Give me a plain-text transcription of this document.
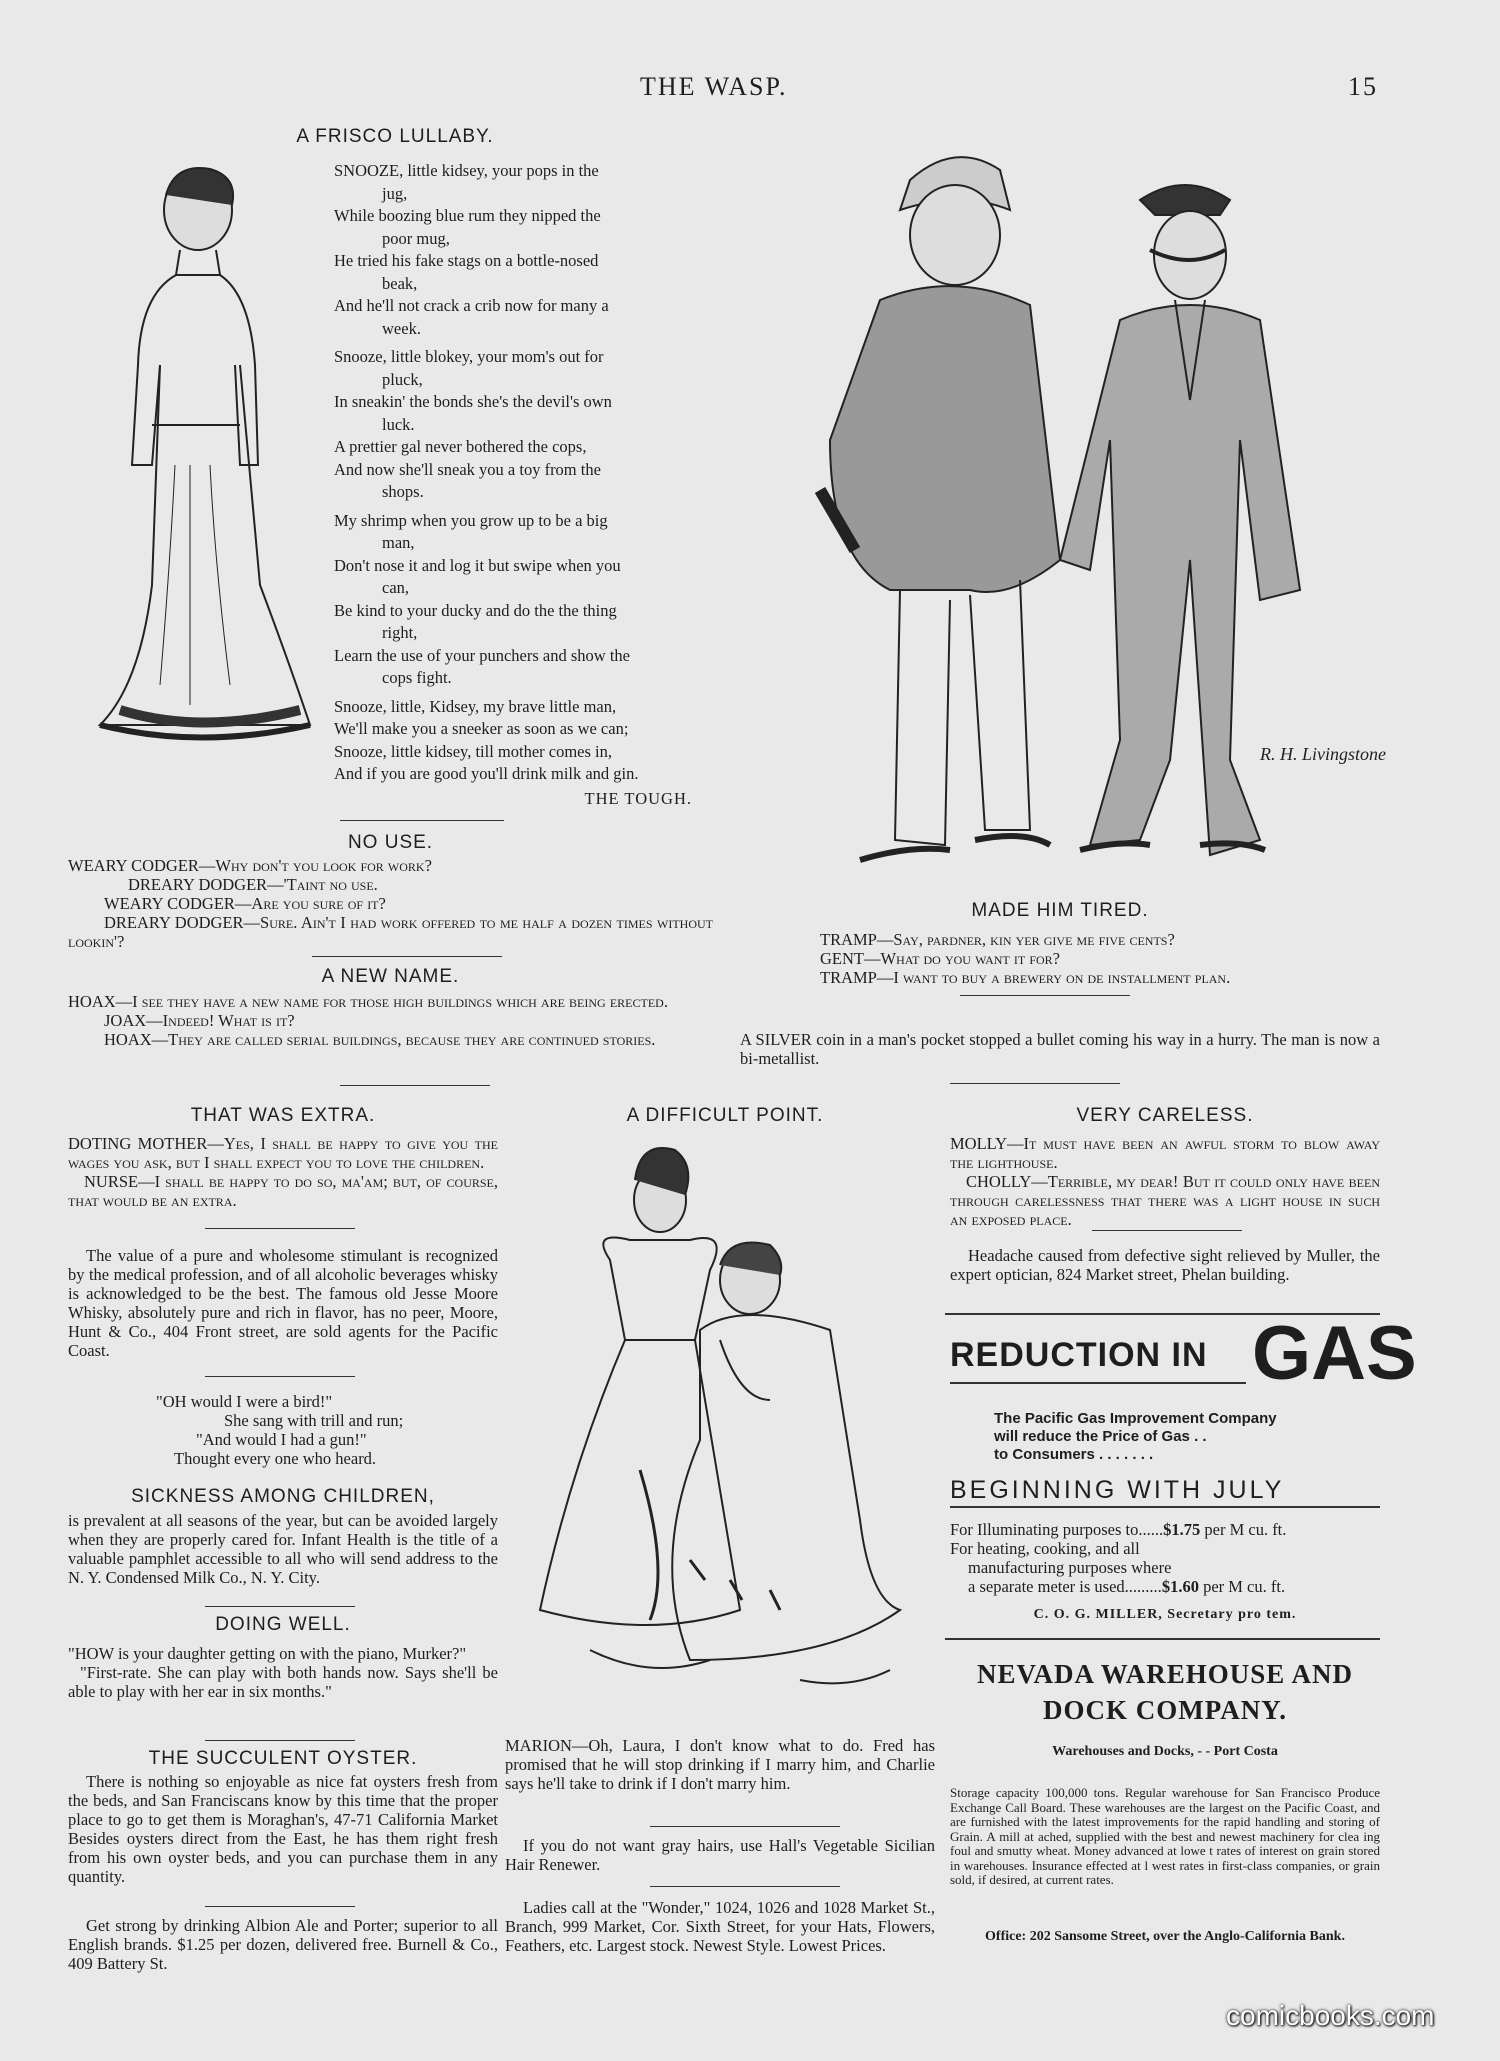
THE WASP.	15
A FRISCO LULLABY.
SNOOZE, little kidsey, your pops in the

jug,
While boozing blue rum they nipped the

poor mug,
He tried his fake stags on a bottle-nosed

beak,
And he'll not crack a crib now for many a

week.
Snooze, little blokey, your mom's out for

pluck,
In sneakin' the bonds she's the devil's own

luck.
A prettier gal never bothered the cops,
And now she'll sneak you a toy from the

shops.
My shrimp when you grow up to be a big

man,
Don't nose it and log it but swipe when you

can,
Be kind to your ducky and do the the thing

right,
Learn the use of your punchers and show the

cops fight.
Snooze, little, Kidsey, my brave little man,
We'll make you a sneeker as soon as we can;
Snooze, little kidsey, till mother comes in,
And if you are good you'll drink milk and gin.
THE TOUGH.
R. H. Livingstone
NO USE.

WEARY CODGER—Why don't you look for work?

DREARY DODGER—'Taint no use.

WEARY CODGER—Are you sure of it?

DREARY DODGER—Sure. Ain't I had work offered to me half a dozen times without lookin'?

A NEW NAME.

HOAX—I see they have a new name for those high buildings which are being erected.

JOAX—Indeed! What is it?

HOAX—They are called serial buildings, because they are continued stories.

MADE HIM TIRED.

TRAMP—Say, pardner, kin yer give me five cents?

GENT—What do you want it for?

TRAMP—I want to buy a brewery on de installment plan.

A SILVER coin in a man's pocket stopped a bullet coming his way in a hurry. The man is now a bi-metallist.
THAT WAS EXTRA.

DOTING MOTHER—Yes, I shall be happy to give you the wages you ask, but I shall expect you to love the children.

NURSE—I shall be happy to do so, ma'am; but, of course, that would be an extra.

The value of a pure and wholesome stimulant is recognized by the medical profession, and of all alcoholic beverages whisky is acknowledged to be the best. The famous old Jesse Moore Whisky, absolutely pure and rich in flavor, has no peer, Moore, Hunt & Co., 404 Front street, are sold agents for the Pacific Coast.
"OH would I were a bird!"
She sang with trill and run;
"And would I had a gun!"
Thought every one who heard.
SICKNESS AMONG CHILDREN,
is prevalent at all seasons of the year, but can be avoided largely when they are properly cared for. Infant Health is the title of a valuable pamphlet accessible to all who will send address to the N. Y. Condensed Milk Co., N. Y. City.
DOING WELL.

"HOW is your daughter getting on with the piano, Murker?"

"First-rate. She can play with both hands now. Says she'll be able to play with her ear in six months."

THE SUCCULENT OYSTER.
There is nothing so enjoyable as nice fat oysters fresh from the beds, and San Franciscans know by this time that the proper place to go to get them is Moraghan's, 47-71 California Market Besides oysters direct from the East, he has them right fresh from his own oyster beds, and you can purchase them in any quantity.
Get strong by drinking Albion Ale and Porter; superior to all English brands. $1.25 per dozen, delivered free. Burnell & Co., 409 Battery St.
A DIFFICULT POINT.
MARION—Oh, Laura, I don't know what to do. Fred has promised that he will stop drinking if I marry him, and Charlie says he'll take to drink if I don't marry him.
If you do not want gray hairs, use Hall's Vegetable Sicilian Hair Renewer.
Ladies call at the "Wonder," 1024, 1026 and 1028 Market St., Branch, 999 Market, Cor. Sixth Street, for your Hats, Flowers, Feathers, etc. Largest stock. Newest Style. Lowest Prices.
VERY CARELESS.

MOLLY—It must have been an awful storm to blow away the lighthouse.

CHOLLY—Terrible, my dear! But it could only have been through carelessness that there was a light house in such an exposed place.

Headache caused from defective sight relieved by Muller, the expert optician, 824 Market street, Phelan building.
REDUCTION IN GAS
The Pacific Gas Improvement Company
will reduce the Price of Gas . .
to Consumers . . . . . . .
BEGINNING WITH JULY
For Illuminating purposes to......$1.75 per M cu. ft.
For heating, cooking, and all
manufacturing purposes where
a separate meter is used.........$1.60 per M cu. ft.
C. O. G. MILLER, Secretary pro tem.
NEVADA WAREHOUSE AND
DOCK COMPANY.
Warehouses and Docks, - - Port Costa
Storage capacity 100,000 tons. Regular warehouse for San Francisco Produce Exchange Call Board. These warehouses are the largest on the Pacific Coast, and are furnished with the latest improvements for the rapid handling and storing of Grain. A mill at ached, supplied with the best and newest machinery for clea ing foul and smutty wheat. Money advanced at lowe t rates of interest on grain stored in warehouses. Insurance effected at l west rates in first-class companies, or grain sold, if desired, at current rates.
Office: 202 Sansome Street, over the Anglo-California Bank.
comicbooks.com
